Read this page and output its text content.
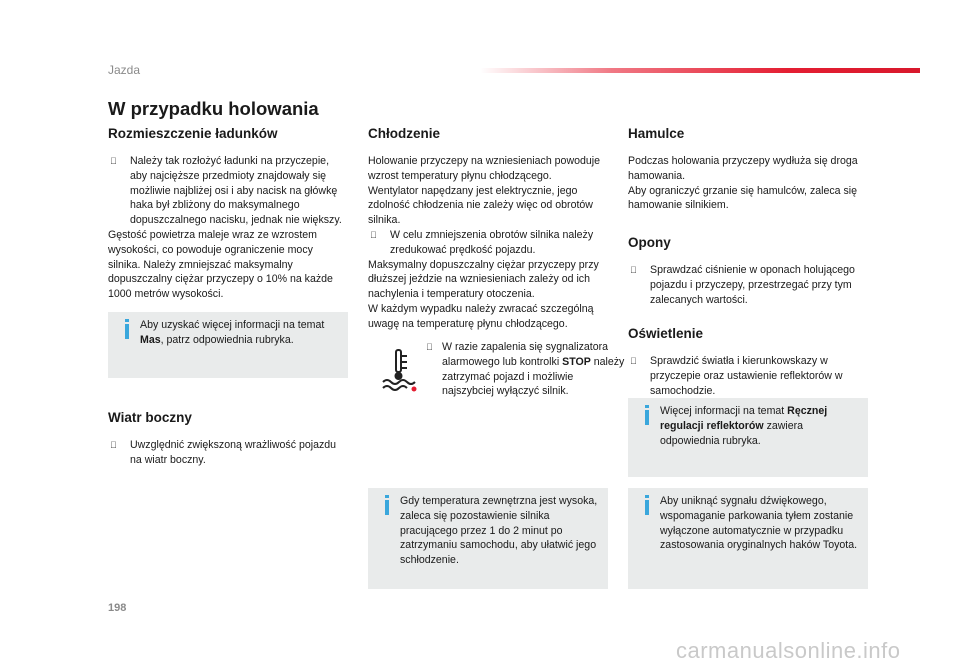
Jazda
W przypadku holowania
Rozmieszczenie ładunków
Należy tak rozłożyć ładunki na przyczepie, aby najcięższe przedmioty znajdowały się możliwie najbliżej osi i aby nacisk na główkę haka był zbliżony do maksymalnego dopuszczalnego nacisku, jednak nie większy.

Gęstość powietrza maleje wraz ze wzrostem wysokości, co powoduje ograniczenie mocy silnika. Należy zmniejszać maksymalny dopuszczalny ciężar przyczepy o 10% na każde 1000 metrów wysokości.

Aby uzyskać więcej informacji na temat Mas, patrz odpowiednia rubryka.

Wiatr boczny
Uwzględnić zwiększoną wrażliwość pojazdu na wiatr boczny.
Chłodzenie

Holowanie przyczepy na wzniesieniach powoduje wzrost temperatury płynu chłodzącego.

Wentylator napędzany jest elektrycznie, jego zdolność chłodzenia nie zależy więc od obrotów silnika.

W celu zmniejszenia obrotów silnika należy zredukować prędkość pojazdu.

Maksymalny dopuszczalny ciężar przyczepy przy dłuższej jeździe na wzniesieniach zależy od ich nachylenia i temperatury otoczenia.

W każdym wypadku należy zwracać szczególną uwagę na temperaturę płynu chłodzącego.

W razie zapalenia się sygnalizatora alarmowego lub kontrolki STOP należy zatrzymać pojazd i możliwie najszybciej wyłączyć silnik.

Gdy temperatura zewnętrzna jest wysoka, zaleca się pozostawienie silnika pracującego przez 1 do 2 minut po zatrzymaniu samochodu, aby ułatwić jego schłodzenie.

Hamulce

Podczas holowania przyczepy wydłuża się droga hamowania.

Aby ograniczyć grzanie się hamulców, zaleca się hamowanie silnikiem.

Opony
Sprawdzać ciśnienie w oponach holującego pojazdu i przyczepy, przestrzegać przy tym zalecanych wartości.
Oświetlenie
Sprawdzić światła i kierunkowskazy w przyczepie oraz ustawienie reflektorów w samochodzie.

Więcej informacji na temat Ręcznej regulacji reflektorów zawiera odpowiednia rubryka.

Aby uniknąć sygnału dźwiękowego, wspomaganie parkowania tyłem zostanie wyłączone automatycznie w przypadku zastosowania oryginalnych haków Toyota.

198
carmanualsonline.info
